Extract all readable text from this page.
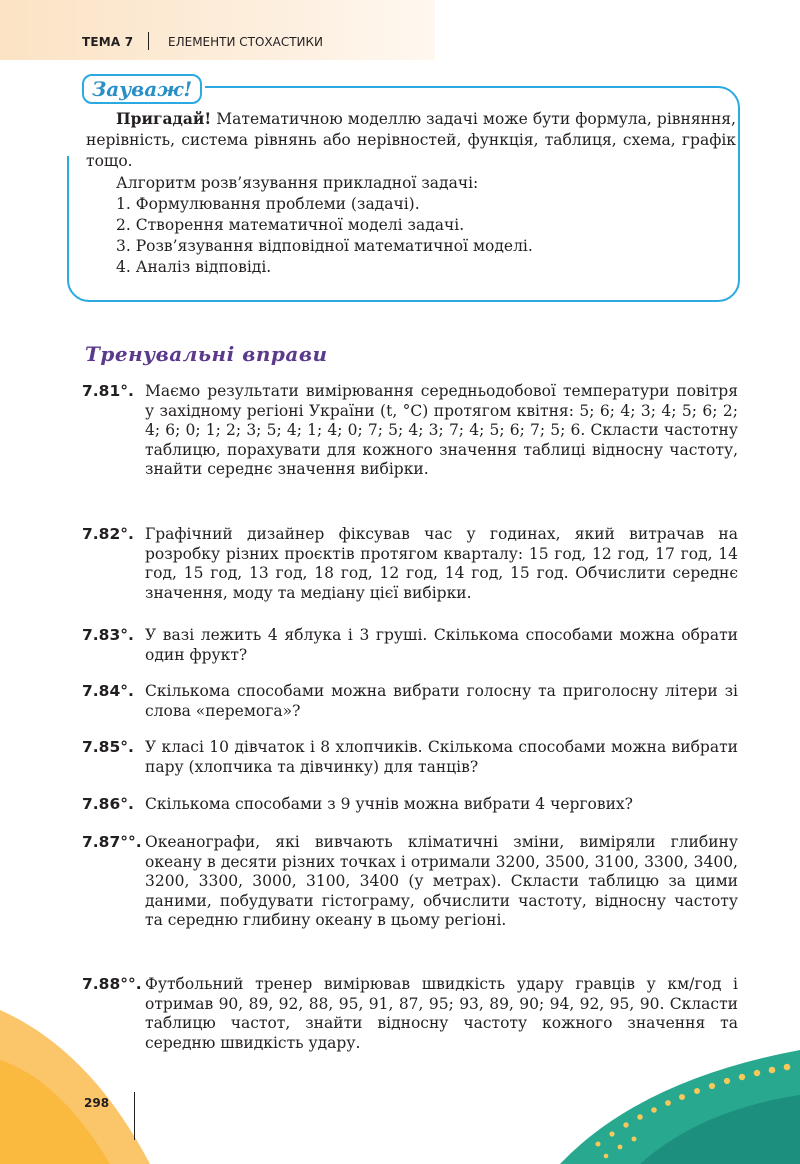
ТЕМА 7	ЕЛЕМЕНТИ СТОХАСТИКИ
Зауваж!

Пригадай! Математичною моделлю задачі може бути формула, рівняння, нерівність, система рівнянь або нерівностей, функція, таблиця, схема, графік тощо.

Алгоритм розв’язування прикладної задачі:

1. Формулювання проблеми (задачі).

2. Створення математичної моделі задачі.

3. Розв’язування відповідної математичної моделі.

4. Аналіз відповіді.

Тренувальні вправи
7.81°. Маємо результати вимірювання середньодобової температури повітря у західному регіоні України (t, °С) протягом квітня: 5; 6; 4; 3; 4; 5; 6; 2; 4; 6; 0; 1; 2; 3; 5; 4; 1; 4; 0; 7; 5; 4; 3; 7; 4; 5; 6; 7; 5; 6. Скласти частотну таблицю, порахувати для кожного значення таблиці відносну частоту, знайти середнє значення вибірки.
7.82°. Графічний дизайнер фіксував час у годинах, який витрачав на розробку різних проєктів протягом кварталу: 15 год, 12 год, 17 год, 14 год, 15 год, 13 год, 18 год, 12 год, 14 год, 15 год. Обчислити середнє значення, моду та медіану цієї вибірки.
7.83°. У вазі лежить 4 яблука і 3 груші. Скількома способами можна обрати один фрукт?
7.84°. Скількома способами можна вибрати голосну та приголосну літери зі слова «перемога»?
7.85°. У класі 10 дівчаток і 8 хлопчиків. Скількома способами можна вибрати пару (хлопчика та дівчинку) для танців?
7.86°. Скількома способами з 9 учнів можна вибрати 4 чергових?
7.87°°. Океанографи, які вивчають кліматичні зміни, виміряли глибину океану в десяти різних точках і отримали 3200, 3500, 3100, 3300, 3400, 3200, 3300, 3000, 3100, 3400 (у метрах). Скласти таблицю за цими даними, побудувати гістограму, обчислити частоту, відносну частоту та середню глибину океану в цьому регіоні.
7.88°°. Футбольний тренер вимірював швидкість удару гравців у км/год і отримав 90, 89, 92, 88, 95, 91, 87, 95; 93, 89, 90; 94, 92, 95, 90. Скласти таблицю частот, знайти відносну частоту кожного значення та середню швидкість удару.
298
